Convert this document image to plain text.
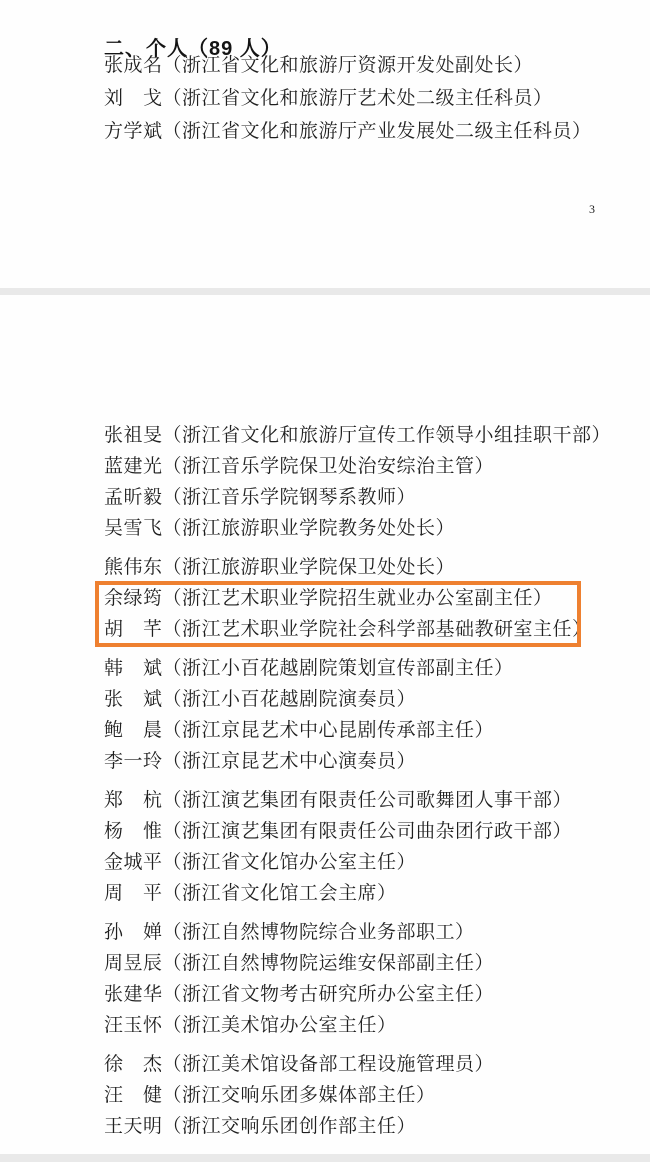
二、个人（89 人）
张成名（浙江省文化和旅游厅资源开发处副处长）
刘　戈（浙江省文化和旅游厅艺术处二级主任科员）
方学斌（浙江省文化和旅游厅产业发展处二级主任科员）
3
张祖旻（浙江省文化和旅游厅宣传工作领导小组挂职干部）
蓝建光（浙江音乐学院保卫处治安综治主管）
孟昕毅（浙江音乐学院钢琴系教师）
吴雪飞（浙江旅游职业学院教务处处长）
熊伟东（浙江旅游职业学院保卫处处长）
余绿筠（浙江艺术职业学院招生就业办公室副主任）
胡　芊（浙江艺术职业学院社会科学部基础教研室主任）
韩　斌（浙江小百花越剧院策划宣传部副主任）
张　斌（浙江小百花越剧院演奏员）
鲍　晨（浙江京昆艺术中心昆剧传承部主任）
李一玲（浙江京昆艺术中心演奏员）
郑　杭（浙江演艺集团有限责任公司歌舞团人事干部）
杨　惟（浙江演艺集团有限责任公司曲杂团行政干部）
金城平（浙江省文化馆办公室主任）
周　平（浙江省文化馆工会主席）
孙　婵（浙江自然博物院综合业务部职工）
周昱辰（浙江自然博物院运维安保部副主任）
张建华（浙江省文物考古研究所办公室主任）
汪玉怀（浙江美术馆办公室主任）
徐　杰（浙江美术馆设备部工程设施管理员）
汪　健（浙江交响乐团多媒体部主任）
王天明（浙江交响乐团创作部主任）
